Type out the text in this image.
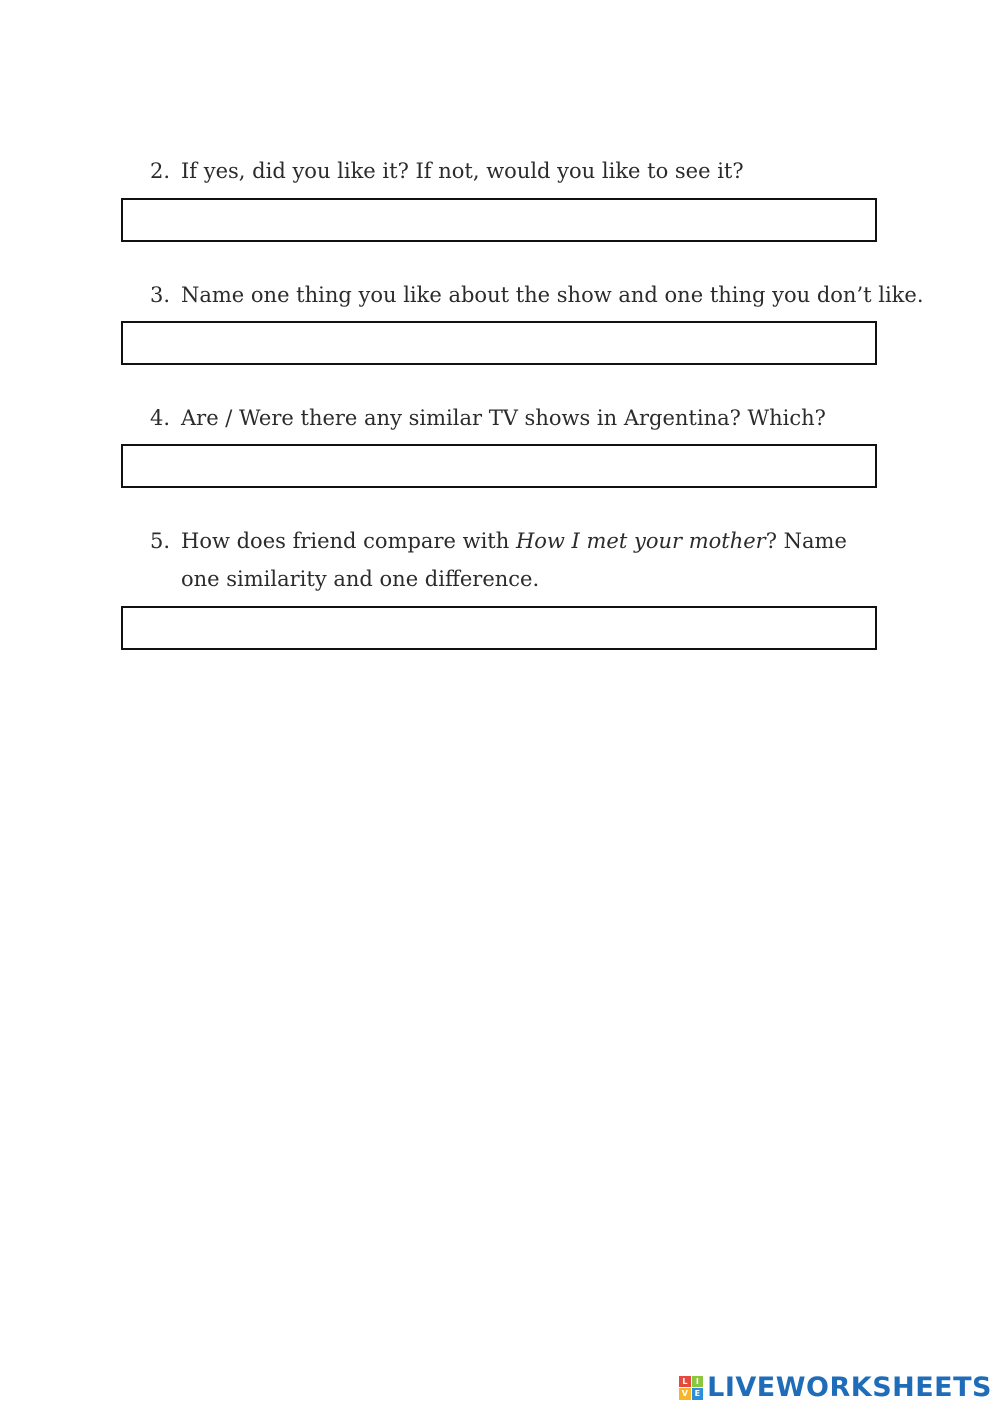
2. If yes, did you like it? If not, would you like to see it?
3. Name one thing you like about the show and one thing you don’t like.
4. Are / Were there any similar TV shows in Argentina? Which?
5. How does friend compare with How I met your mother? Name one similarity and one difference.
L	I
V E LIVEWORKSHEETS
